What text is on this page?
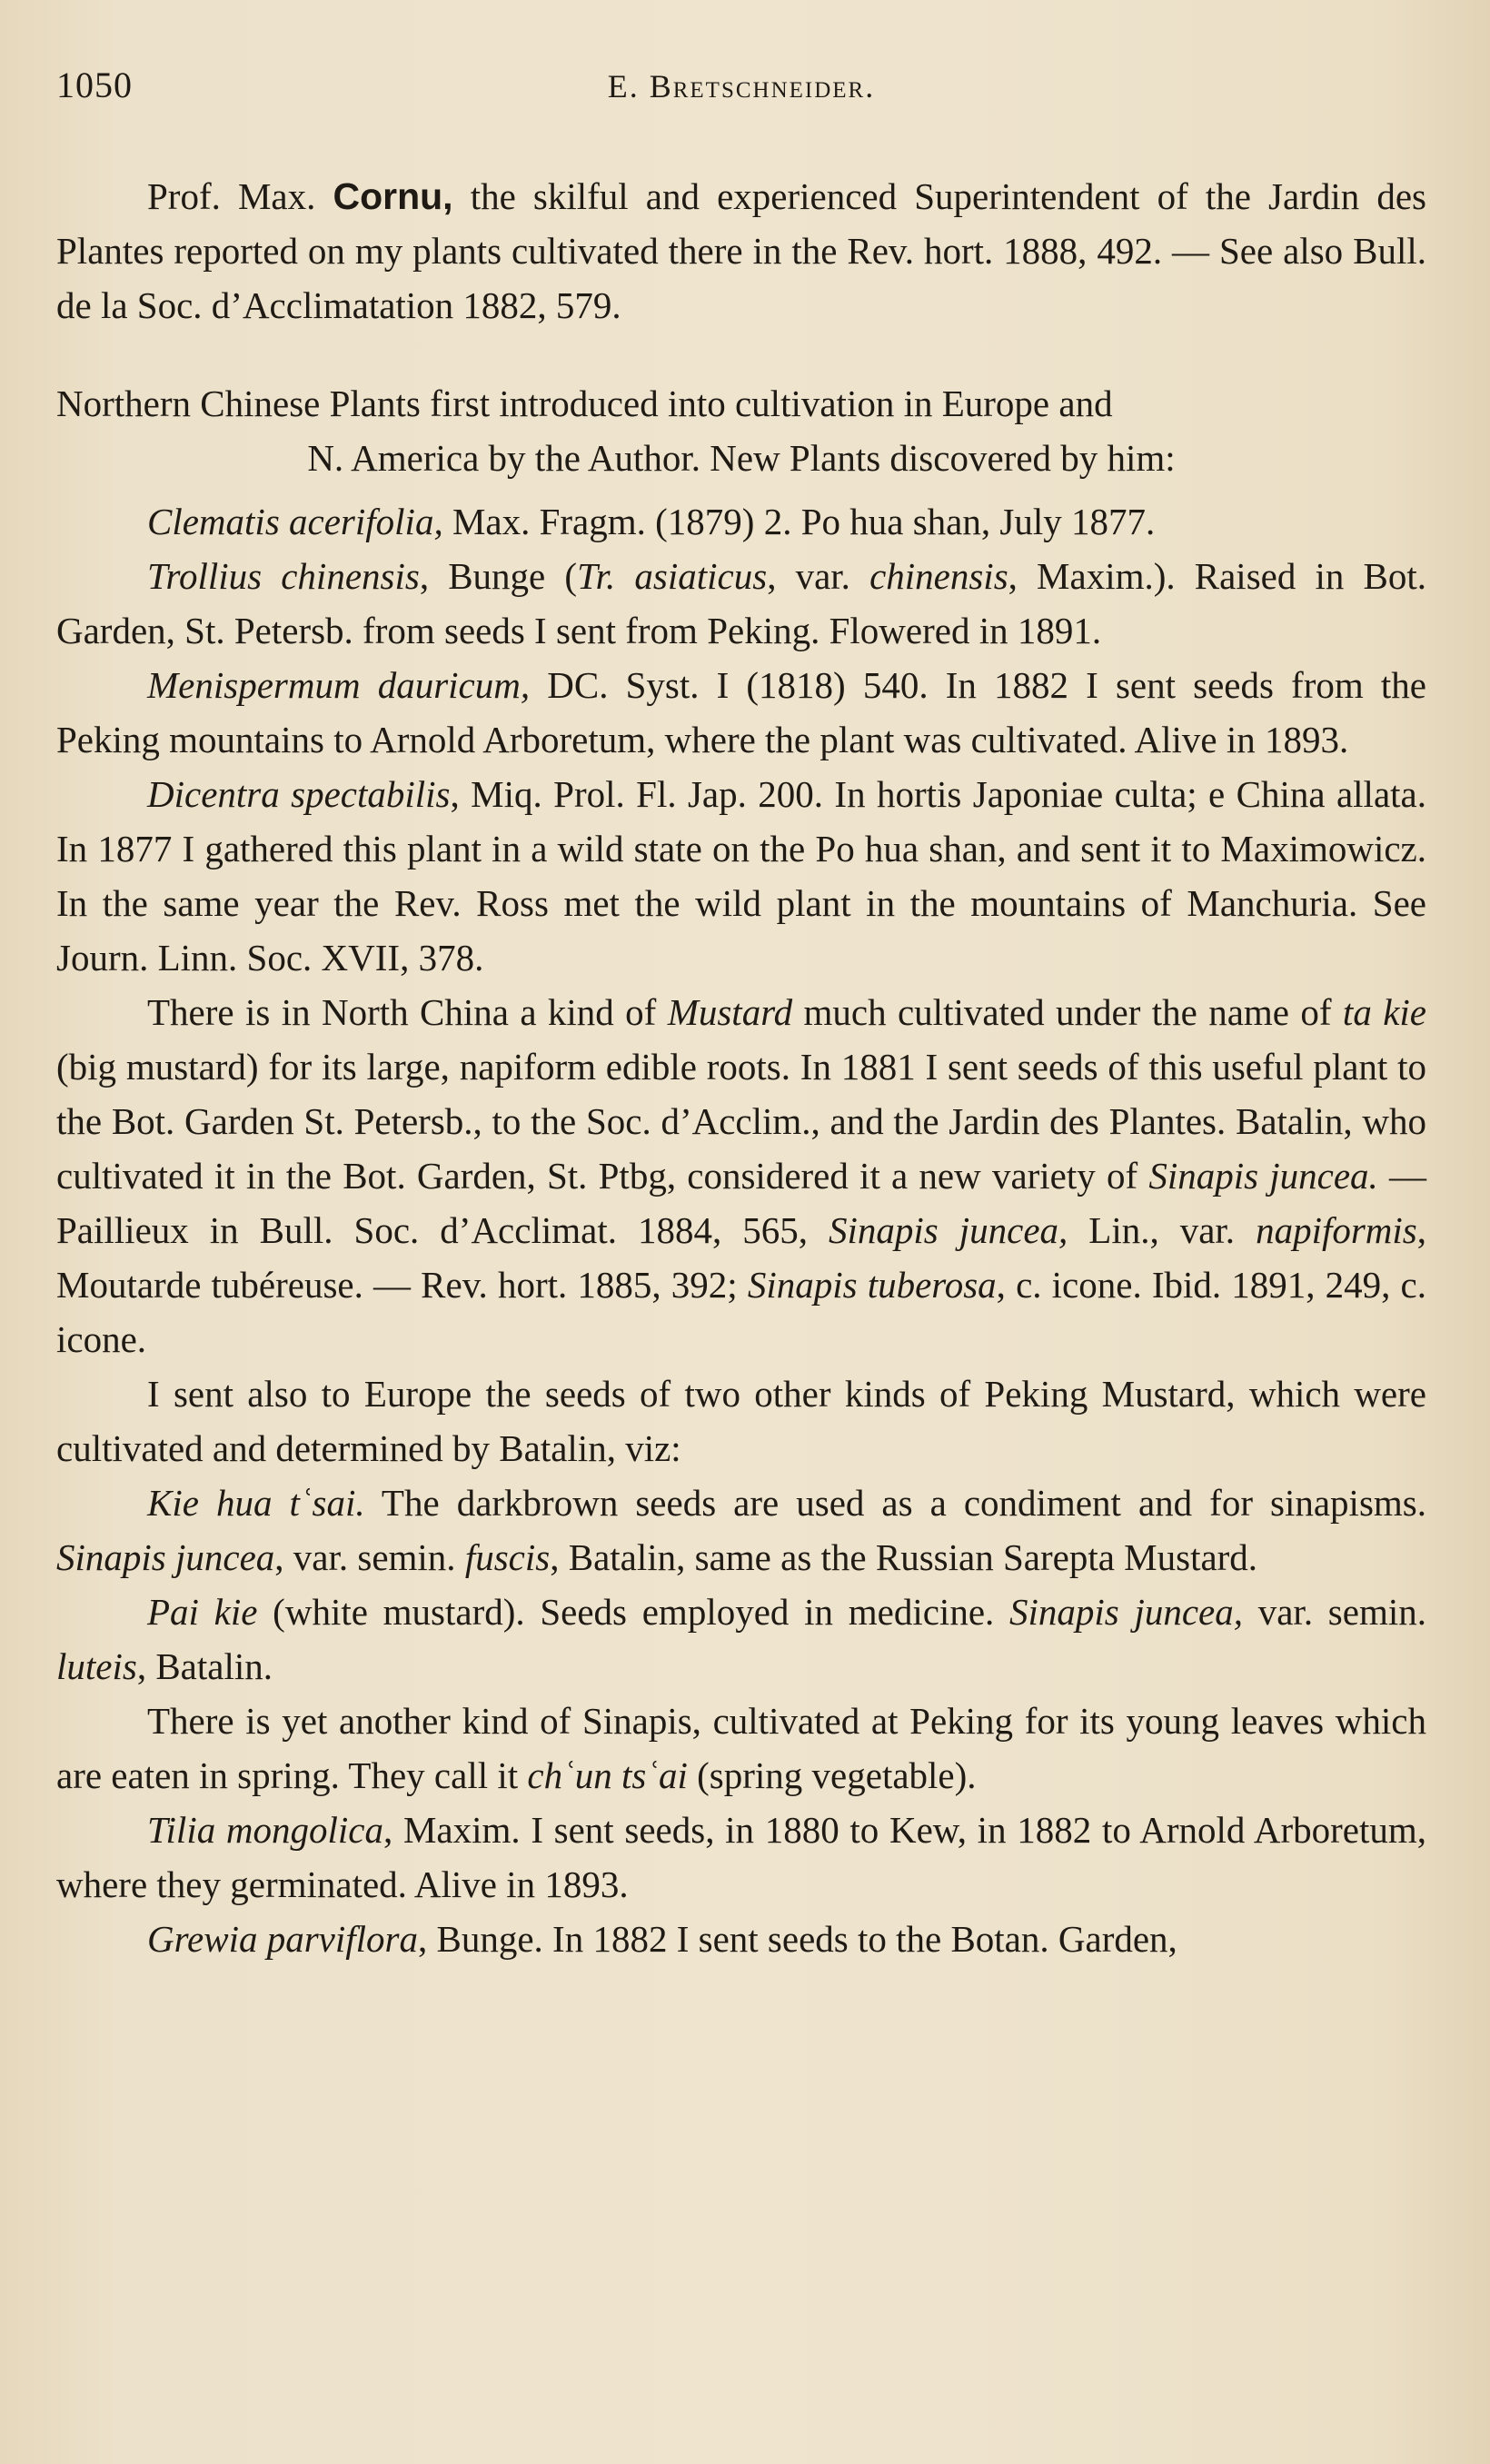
1050	E. Bretschneider.

Prof. Max. Cornu, the skilful and experienced Superintendent of the Jardin des Plantes reported on my plants cultivated there in the Rev. hort. 1888, 492. — See also Bull. de la Soc. d’Acclimatation 1882, 579.

Northern Chinese Plants first introduced into cultivation in Europe and
N. America by the Author. New Plants discovered by him:

Clematis acerifolia, Max. Fragm. (1879) 2. Po hua shan, July 1877.

Trollius chinensis, Bunge (Tr. asiaticus, var. chinensis, Maxim.). Raised in Bot. Garden, St. Petersb. from seeds I sent from Peking. Flowered in 1891.

Menispermum dauricum, DC. Syst. I (1818) 540. In 1882 I sent seeds from the Peking mountains to Arnold Arboretum, where the plant was cultivated. Alive in 1893.

Dicentra spectabilis, Miq. Prol. Fl. Jap. 200. In hortis Japoniae culta; e China allata. In 1877 I gathered this plant in a wild state on the Po hua shan, and sent it to Maximowicz. In the same year the Rev. Ross met the wild plant in the mountains of Manchuria. See Journ. Linn. Soc. XVII, 378.

There is in North China a kind of Mustard much cultivated under the name of ta kie (big mustard) for its large, napiform edible roots. In 1881 I sent seeds of this useful plant to the Bot. Garden St. Petersb., to the Soc. d’Acclim., and the Jardin des Plantes. Batalin, who cultivated it in the Bot. Garden, St. Ptbg, considered it a new variety of Sinapis juncea. — Paillieux in Bull. Soc. d’Acclimat. 1884, 565, Sinapis juncea, Lin., var. napiformis, Moutarde tubéreuse. — Rev. hort. 1885, 392; Sinapis tuberosa, c. icone. Ibid. 1891, 249, c. icone.

I sent also to Europe the seeds of two other kinds of Peking Mustard, which were cultivated and determined by Batalin, viz:

Kie hua tʿsai. The darkbrown seeds are used as a condiment and for sinapisms. Sinapis juncea, var. semin. fuscis, Batalin, same as the Russian Sarepta Mustard.

Pai kie (white mustard). Seeds employed in medicine. Sinapis juncea, var. semin. luteis, Batalin.

There is yet another kind of Sinapis, cultivated at Peking for its young leaves which are eaten in spring. They call it chʿun tsʿai (spring vegetable).

Tilia mongolica, Maxim. I sent seeds, in 1880 to Kew, in 1882 to Arnold Arboretum, where they germinated. Alive in 1893.

Grewia parviflora, Bunge. In 1882 I sent seeds to the Botan. Garden,
